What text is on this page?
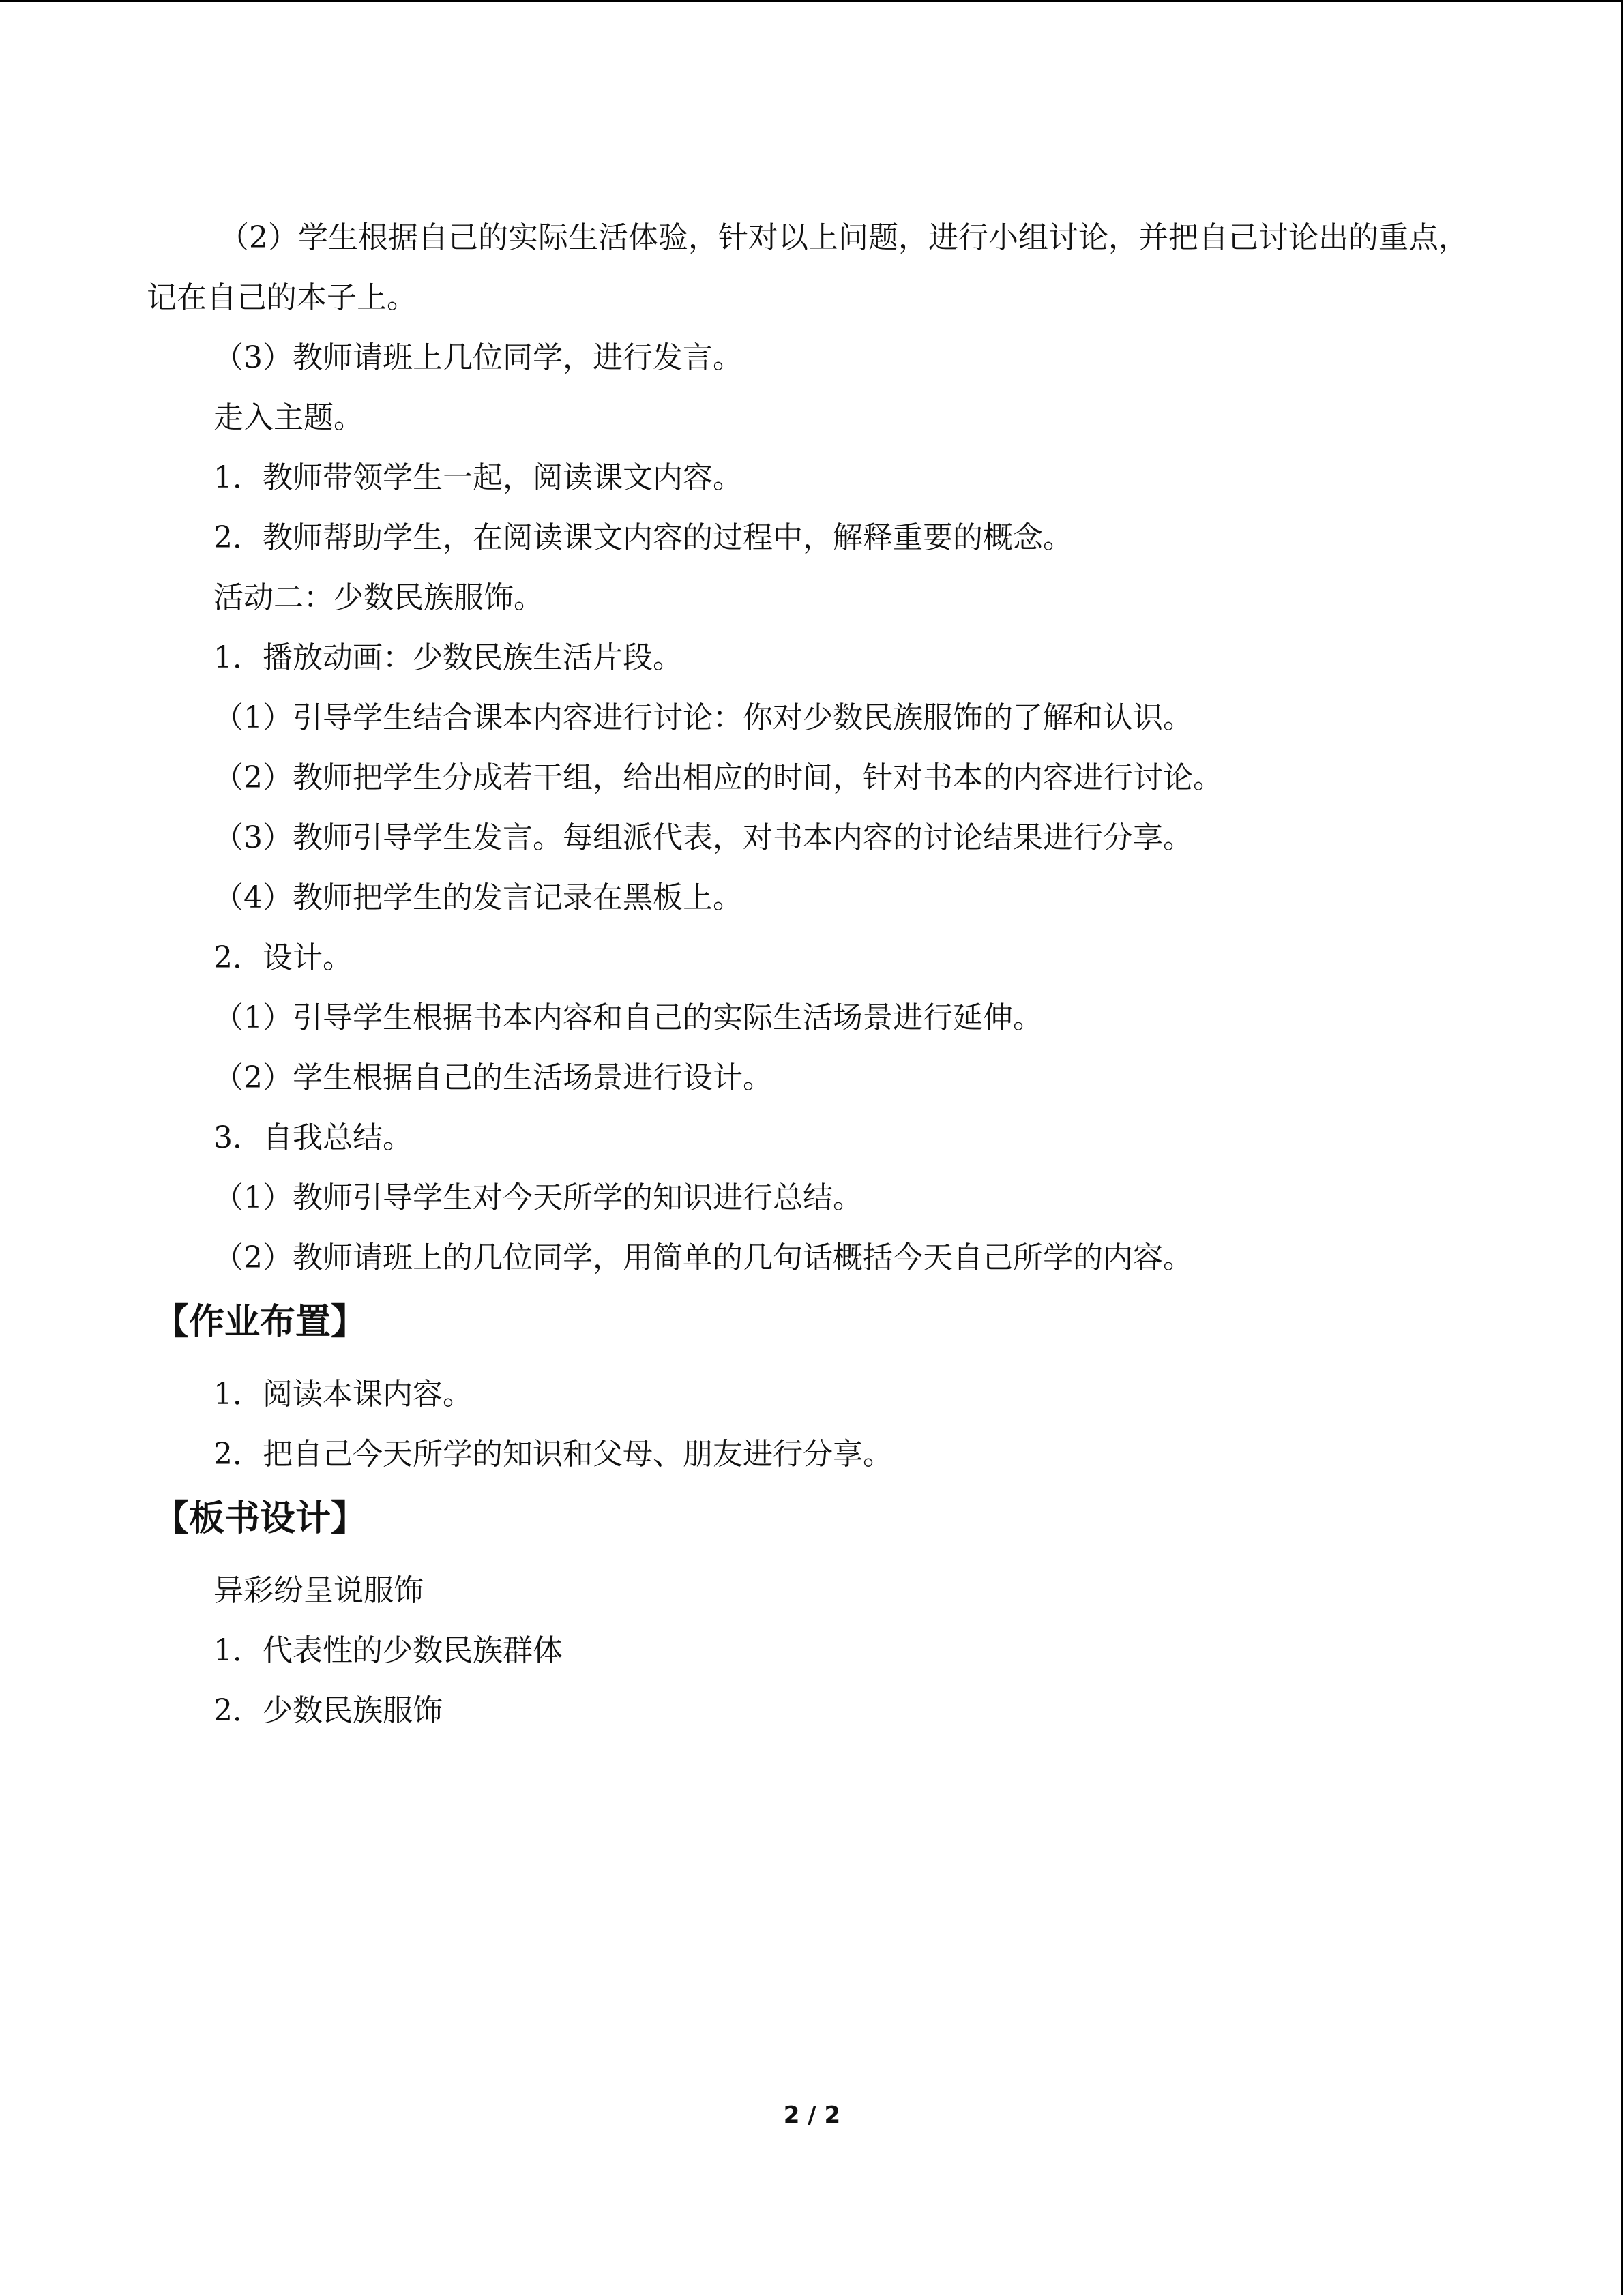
（2）学生根据自己的实际生活体验，针对以上问题，进行小组讨论，并把自己讨论出的重点，记在自己的本子上。

（3）教师请班上几位同学，进行发言。

走入主题。

1．教师带领学生一起，阅读课文内容。

2．教师帮助学生，在阅读课文内容的过程中，解释重要的概念。

活动二：少数民族服饰。

1．播放动画：少数民族生活片段。

（1）引导学生结合课本内容进行讨论：你对少数民族服饰的了解和认识。

（2）教师把学生分成若干组，给出相应的时间，针对书本的内容进行讨论。

（3）教师引导学生发言。每组派代表，对书本内容的讨论结果进行分享。

（4）教师把学生的发言记录在黑板上。

2．设计。

（1）引导学生根据书本内容和自己的实际生活场景进行延伸。

（2）学生根据自己的生活场景进行设计。

3．自我总结。

（1）教师引导学生对今天所学的知识进行总结。

（2）教师请班上的几位同学，用简单的几句话概括今天自己所学的内容。

【作业布置】

1．阅读本课内容。

2．把自己今天所学的知识和父母、朋友进行分享。

【板书设计】

异彩纷呈说服饰

1．代表性的少数民族群体

2．少数民族服饰

2 / 2
